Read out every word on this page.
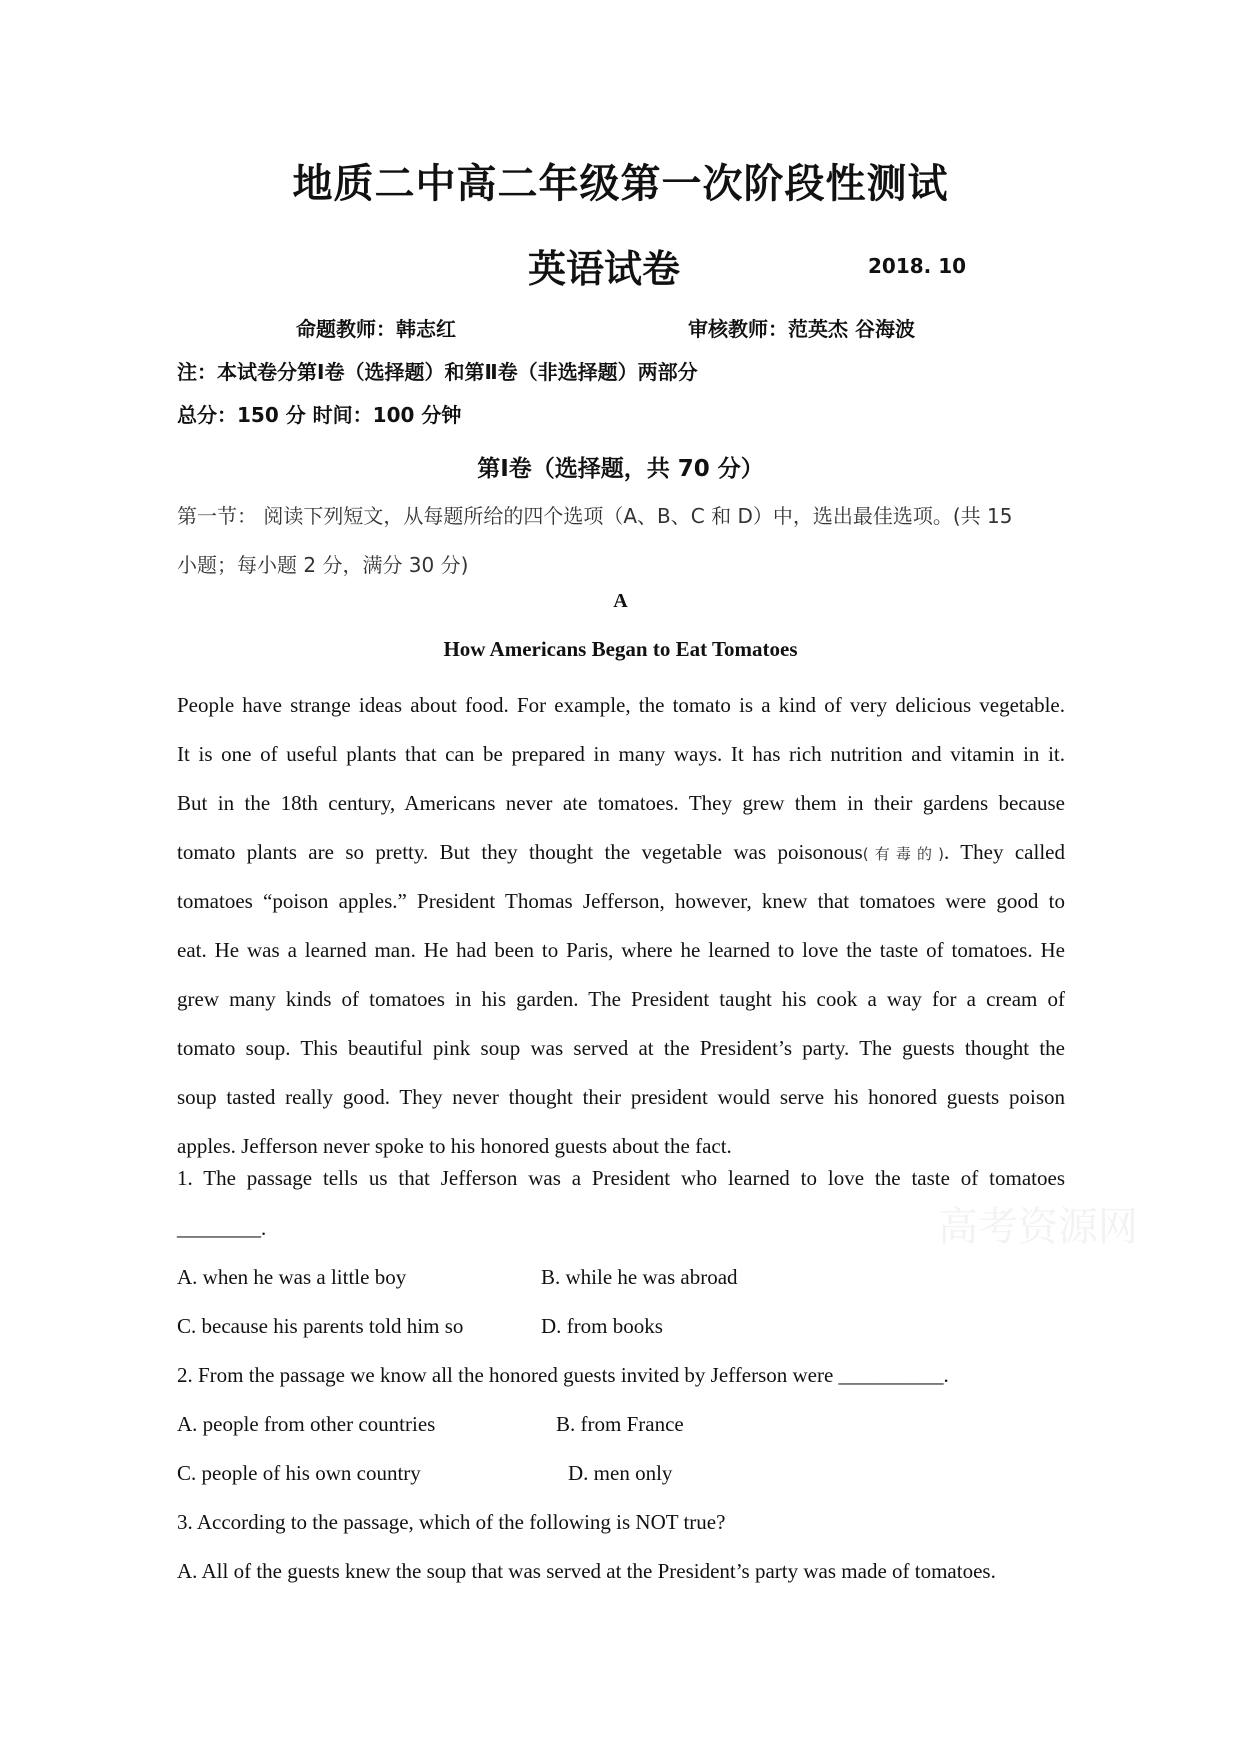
地质二中高二年级第一次阶段性测试
英语试卷	2018. 10
命题教师：韩志红	审核教师：范英杰 谷海波
注：本试卷分第Ⅰ卷（选择题）和第Ⅱ卷（非选择题）两部分
总分：150 分 时间：100 分钟
第Ⅰ卷（选择题，共 70 分）
第一节： 阅读下列短文，从每题所给的四个选项（A、B、C 和 D）中，选出最佳选项。(共 15
小题；每小题 2 分，满分 30 分)
A
How Americans Began to Eat Tomatoes
People have strange ideas about food. For example, the tomato is a kind of very delicious vegetable.
It is one of useful plants that can be prepared in many ways. It has rich nutrition and vitamin in it.
But in the 18th century, Americans never ate tomatoes. They grew them in their gardens because
tomato plants are so pretty. But they thought the vegetable was poisonous(有毒的). They called
tomatoes “poison apples.” President Thomas Jefferson, however, knew that tomatoes were good to
eat. He was a learned man. He had been to Paris, where he learned to love the taste of tomatoes. He
grew many kinds of tomatoes in his garden. The President taught his cook a way for a cream of
tomato soup. This beautiful pink soup was served at the President’s party. The guests thought the
soup tasted really good. They never thought their president would serve his honored guests poison
apples. Jefferson never spoke to his honored guests about the fact.
1. The passage tells us that Jefferson was a President who learned to love the taste of tomatoes
________.
A. when he was a little boy	B. while he was abroad
C. because his parents told him so	D. from books
2. From the passage we know all the honored guests invited by Jefferson were __________.
A. people from other countries	B. from France
C. people of his own country	D. men only
3. According to the passage, which of the following is NOT true?
A. All of the guests knew the soup that was served at the President’s party was made of tomatoes.
高考资源网
